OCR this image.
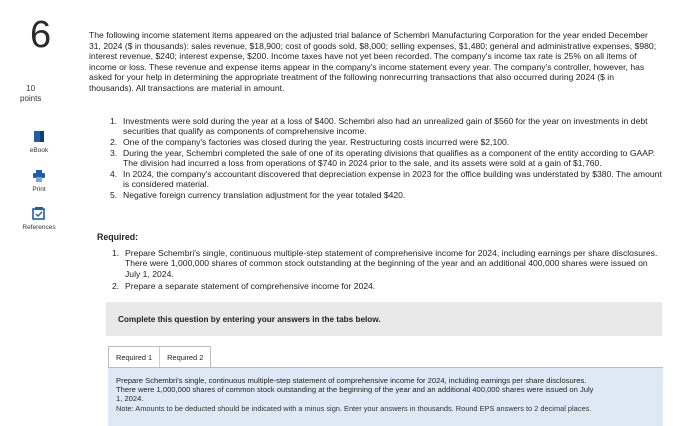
6
10
points
eBook
Print
References
The following income statement items appeared on the adjusted trial balance of Schembri Manufacturing Corporation for the year ended December 31, 2024 ($ in thousands): sales revenue, $18,900; cost of goods sold, $8,000; selling expenses, $1,480; general and administrative expenses, $980; interest revenue, $240; interest expense, $200. Income taxes have not yet been recorded. The company's income tax rate is 25% on all items of income or loss. These revenue and expense items appear in the company's income statement every year. The company's controller, however, has asked for your help in determining the appropriate treatment of the following nonrecurring transactions that also occurred during 2024 ($ in thousands). All transactions are material in amount.
1. Investments were sold during the year at a loss of $400. Schembri also had an unrealized gain of $560 for the year on investments in debt securities that qualify as components of comprehensive income.
2. One of the company's factories was closed during the year. Restructuring costs incurred were $2,100.
3. During the year, Schembri completed the sale of one of its operating divisions that qualifies as a component of the entity according to GAAP. The division had incurred a loss from operations of $740 in 2024 prior to the sale, and its assets were sold at a gain of $1,760.
4. In 2024, the company's accountant discovered that depreciation expense in 2023 for the office building was understated by $380. The amount is considered material.
5. Negative foreign currency translation adjustment for the year totaled $420.
Required:
1. Prepare Schembri's single, continuous multiple-step statement of comprehensive income for 2024, including earnings per share disclosures. There were 1,000,000 shares of common stock outstanding at the beginning of the year and an additional 400,000 shares were issued on July 1, 2024.
2. Prepare a separate statement of comprehensive income for 2024.
Complete this question by entering your answers in the tabs below.
Required 1	Required 2
Prepare Schembri's single, continuous multiple-step statement of comprehensive income for 2024, including earnings per share disclosures. There were 1,000,000 shares of common stock outstanding at the beginning of the year and an additional 400,000 shares were issued on July 1, 2024.
Note: Amounts to be deducted should be indicated with a minus sign. Enter your answers in thousands. Round EPS answers to 2 decimal places.
